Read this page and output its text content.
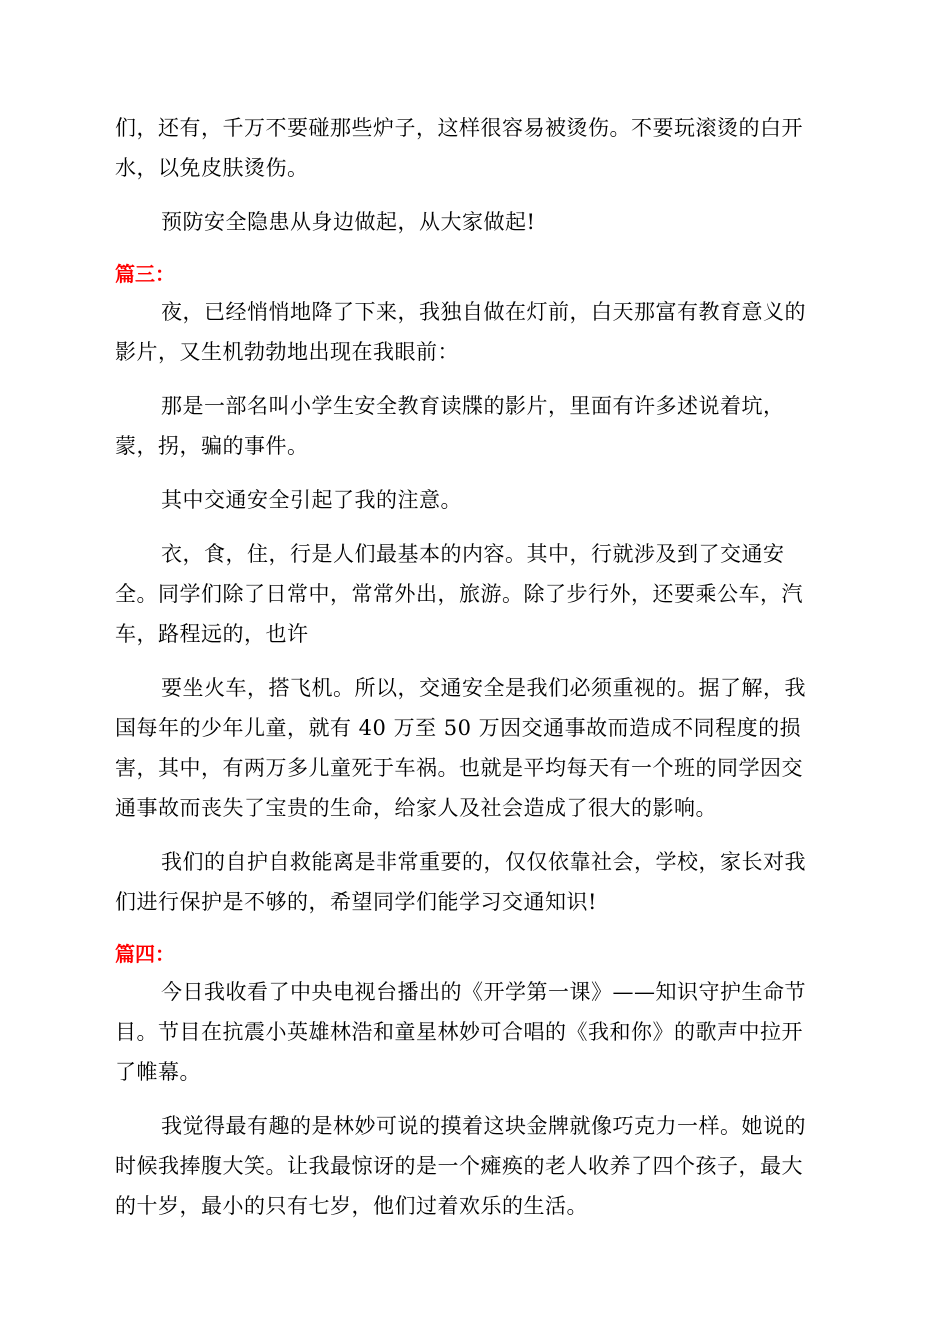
们，还有，千万不要碰那些炉子，这样很容易被烫伤。不要玩滚烫的白开
水，以免皮肤烫伤。
预防安全隐患从身边做起，从大家做起!
篇三：
夜，已经悄悄地降了下来，我独自做在灯前，白天那富有教育意义的
影片，又生机勃勃地出现在我眼前：
那是一部名叫小学生安全教育读牒的影片，里面有许多述说着坑，
蒙，拐，骗的事件。
其中交通安全引起了我的注意。
衣，食，住，行是人们最基本的内容。其中，行就涉及到了交通安
全。同学们除了日常中，常常外出，旅游。除了步行外，还要乘公车，汽
车，路程远的，也许
要坐火车，搭飞机。所以，交通安全是我们必须重视的。据了解，我
国每年的少年儿童，就有 40 万至 50 万因交通事故而造成不同程度的损
害，其中，有两万多儿童死于车祸。也就是平均每天有一个班的同学因交
通事故而丧失了宝贵的生命，给家人及社会造成了很大的影响。
我们的自护自救能离是非常重要的，仅仅依靠社会，学校，家长对我
们进行保护是不够的，希望同学们能学习交通知识!
篇四：
今日我收看了中央电视台播出的《开学第一课》——知识守护生命节
目。节目在抗震小英雄林浩和童星林妙可合唱的《我和你》的歌声中拉开
了帷幕。
我觉得最有趣的是林妙可说的摸着这块金牌就像巧克力一样。她说的
时候我捧腹大笑。让我最惊讶的是一个瘫痪的老人收养了四个孩子，最大
的十岁，最小的只有七岁，他们过着欢乐的生活。
